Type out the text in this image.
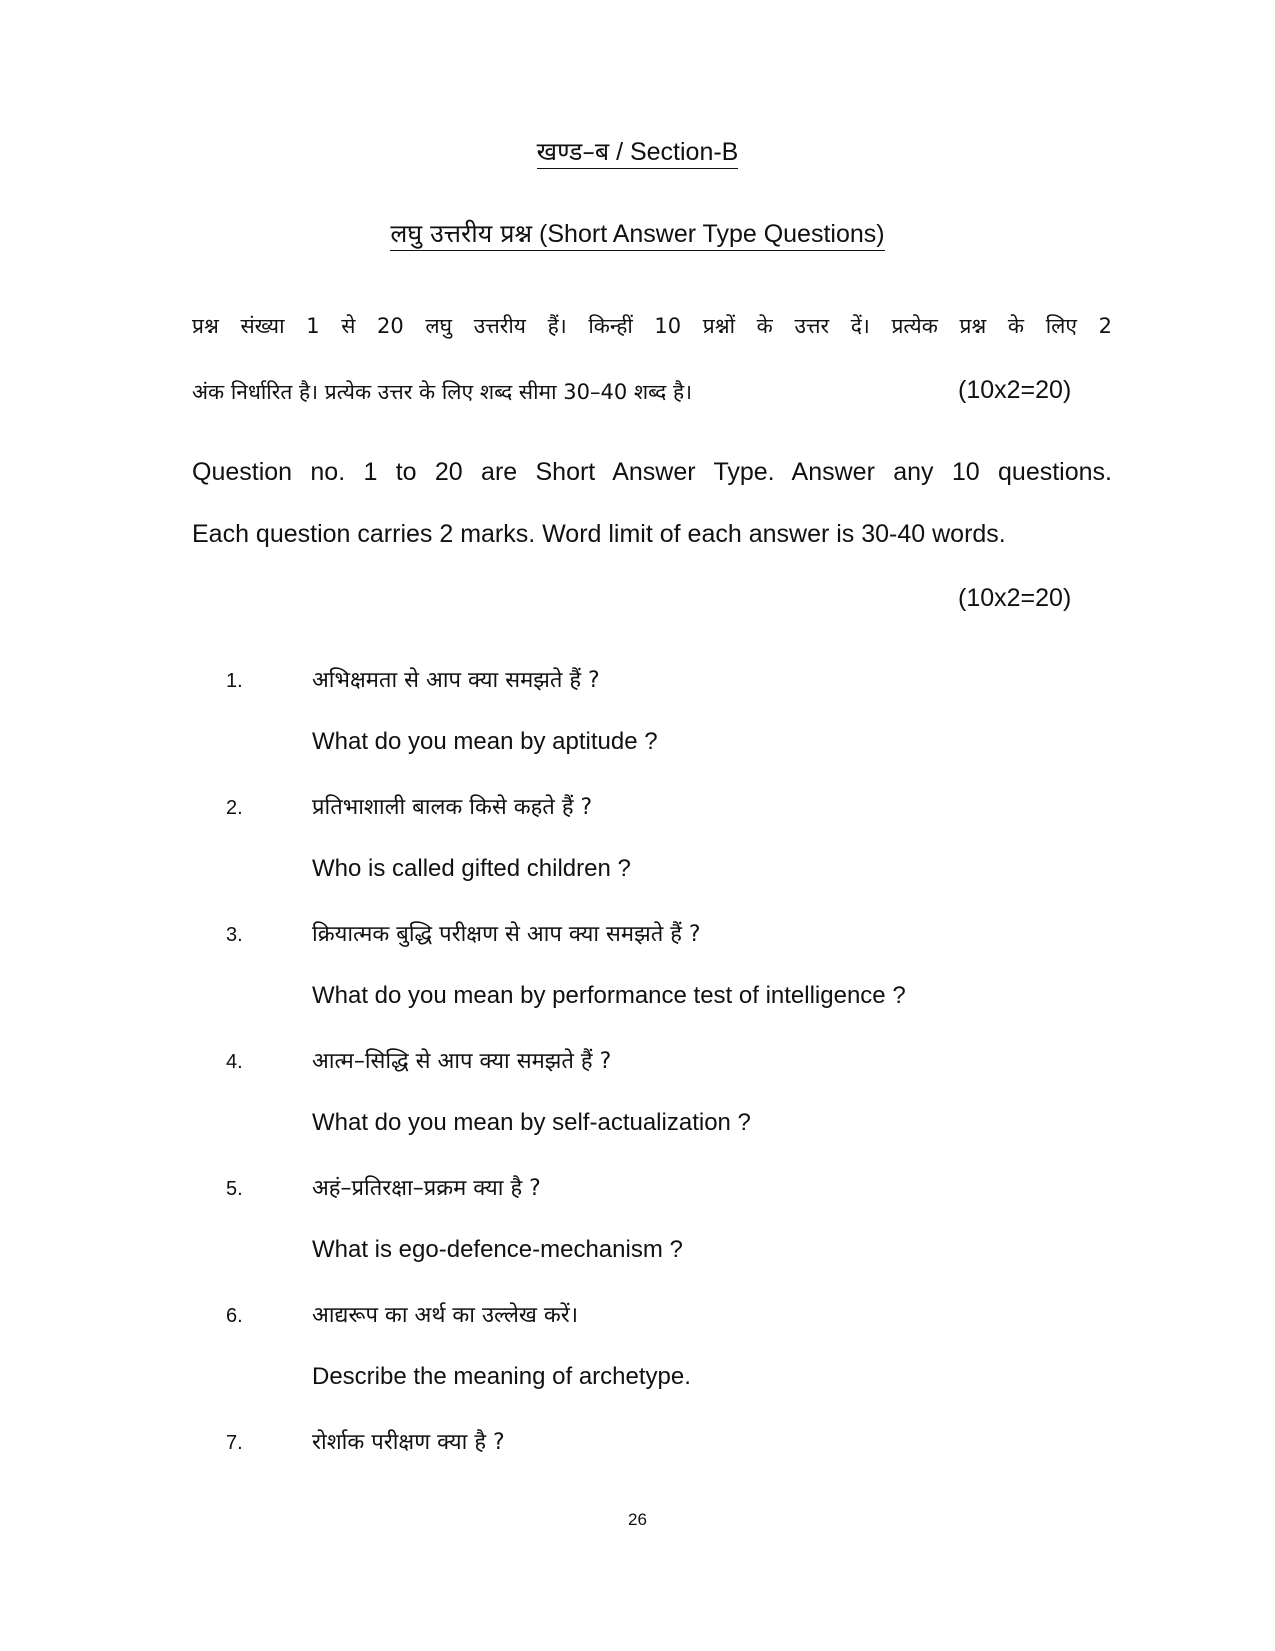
खण्ड–ब / Section-B
लघु उत्तरीय प्रश्न (Short Answer Type Questions)
प्रश्न संख्या 1 से 20 लघु उत्तरीय हैं। किन्हीं 10 प्रश्नों के उत्तर दें। प्रत्येक प्रश्न के लिए 2
अंक निर्धारित है। प्रत्येक उत्तर के लिए शब्द सीमा 30–40 शब्द है।	(10x2=20)
Question no. 1 to 20 are Short Answer Type. Answer any 10 questions.
Each question carries 2 marks. Word limit of each answer is 30-40 words.
(10x2=20)
1.	अभिक्षमता से आप क्या समझते हैं ?
What do you mean by aptitude ?
2.	प्रतिभाशाली बालक किसे कहते हैं ?
Who is called gifted children ?
3.	क्रियात्मक बुद्धि परीक्षण से आप क्या समझते हैं ?
What do you mean by performance test of intelligence ?
4.	आत्म–सिद्धि से आप क्या समझते हैं ?
What do you mean by self-actualization ?
5.	अहं–प्रतिरक्षा–प्रक्रम क्या है ?
What is ego-defence-mechanism ?
6.	आद्यरूप का अर्थ का उल्लेख करें।
Describe the meaning of archetype.
7.	रोर्शाक परीक्षण क्या है ?
26
